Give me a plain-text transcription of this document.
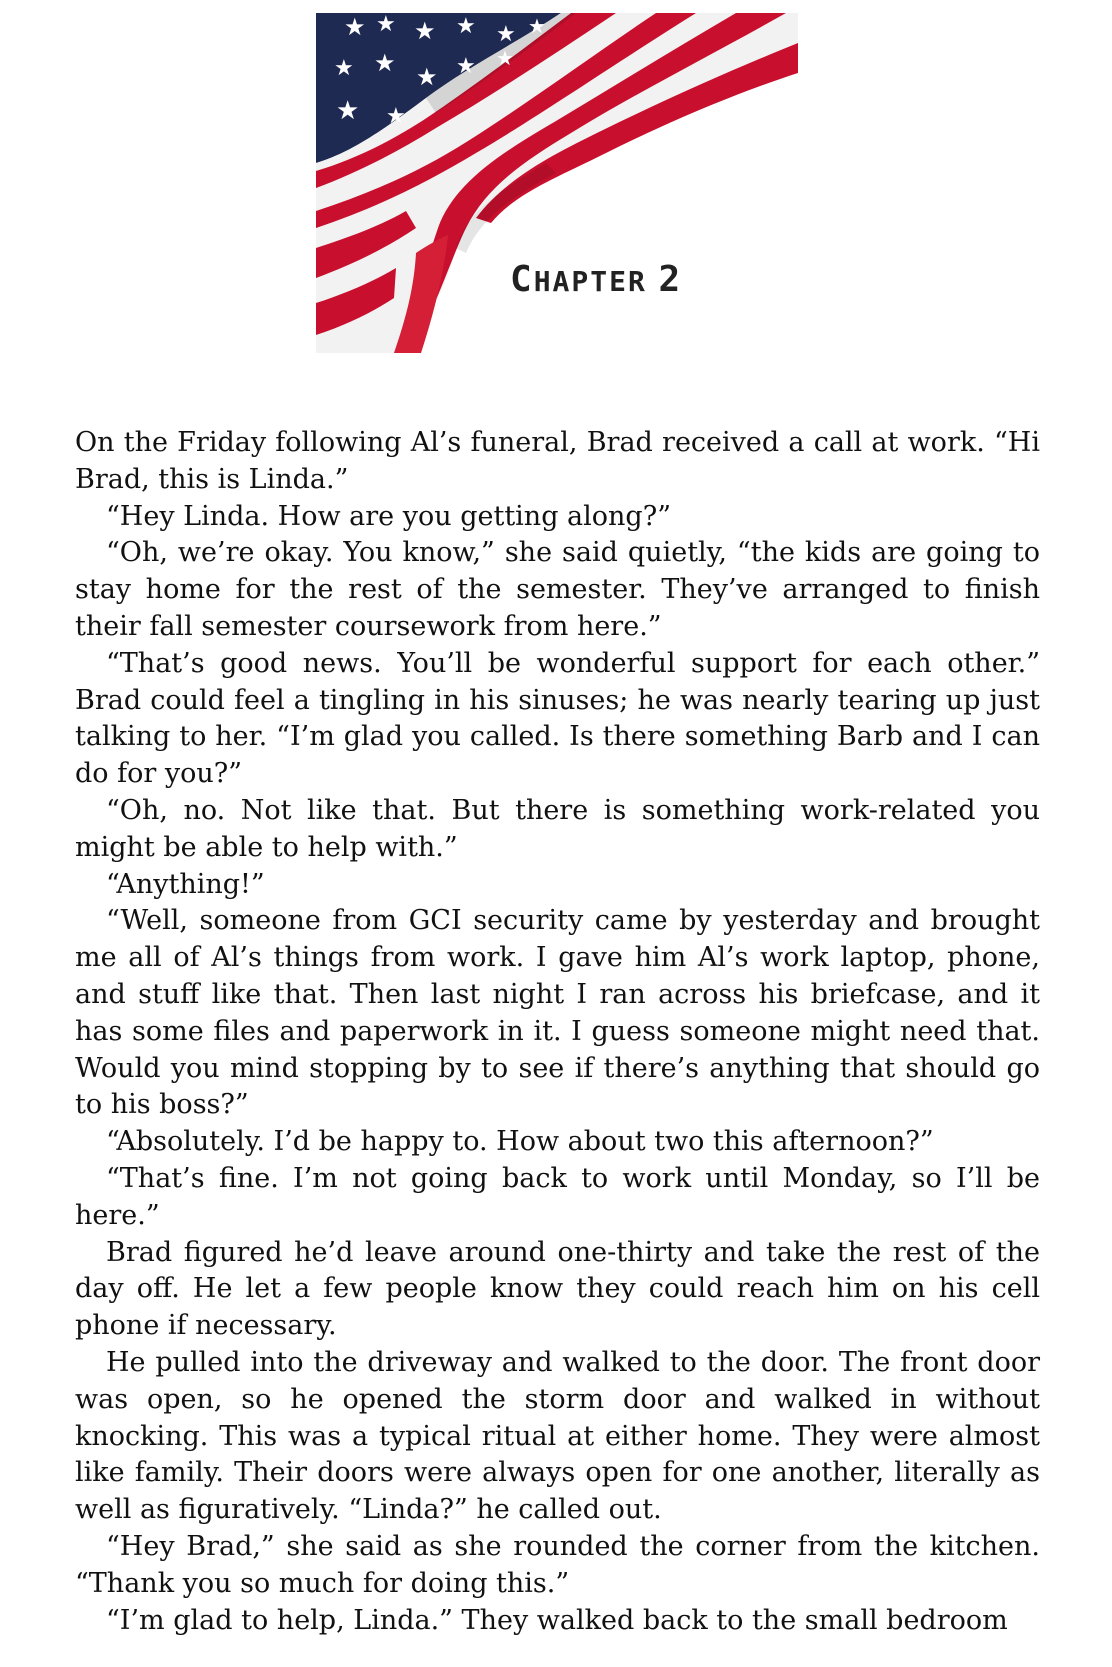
★ ★ ★ ★ ★ ★
★ ★ ★ ★ ★
★ ★
CHAPTER 2

On the Friday following Al’s funeral, Brad received a call at work. “Hi Brad, this is Linda.”

“Hey Linda. How are you getting along?”

“Oh, we’re okay. You know,” she said quietly, “the kids are going to stay home for the rest of the semester. They’ve arranged to finish their fall semester coursework from here.”

“That’s good news. You’ll be wonderful support for each other.” Brad could feel a tingling in his sinuses; he was nearly tearing up just talking to her. “I’m glad you called. Is there something Barb and I can do for you?”

“Oh, no. Not like that. But there is something work-related you might be able to help with.”

“Anything!”

“Well, someone from GCI security came by yesterday and brought me all of Al’s things from work. I gave him Al’s work laptop, phone, and stuff like that. Then last night I ran across his briefcase, and it has some files and paperwork in it. I guess someone might need that. Would you mind stopping by to see if there’s anything that should go to his boss?”

“Absolutely. I’d be happy to. How about two this afternoon?”

“That’s fine. I’m not going back to work until Monday, so I’ll be here.”

Brad figured he’d leave around one-thirty and take the rest of the day off. He let a few people know they could reach him on his cell phone if necessary.

He pulled into the driveway and walked to the door. The front door was open, so he opened the storm door and walked in without knocking. This was a typical ritual at either home. They were almost like family. Their doors were always open for one another, literally as well as figuratively. “Linda?” he called out.

“Hey Brad,” she said as she rounded the corner from the kitchen. “Thank you so much for doing this.”

“I’m glad to help, Linda.” They walked back to the small bedroom
